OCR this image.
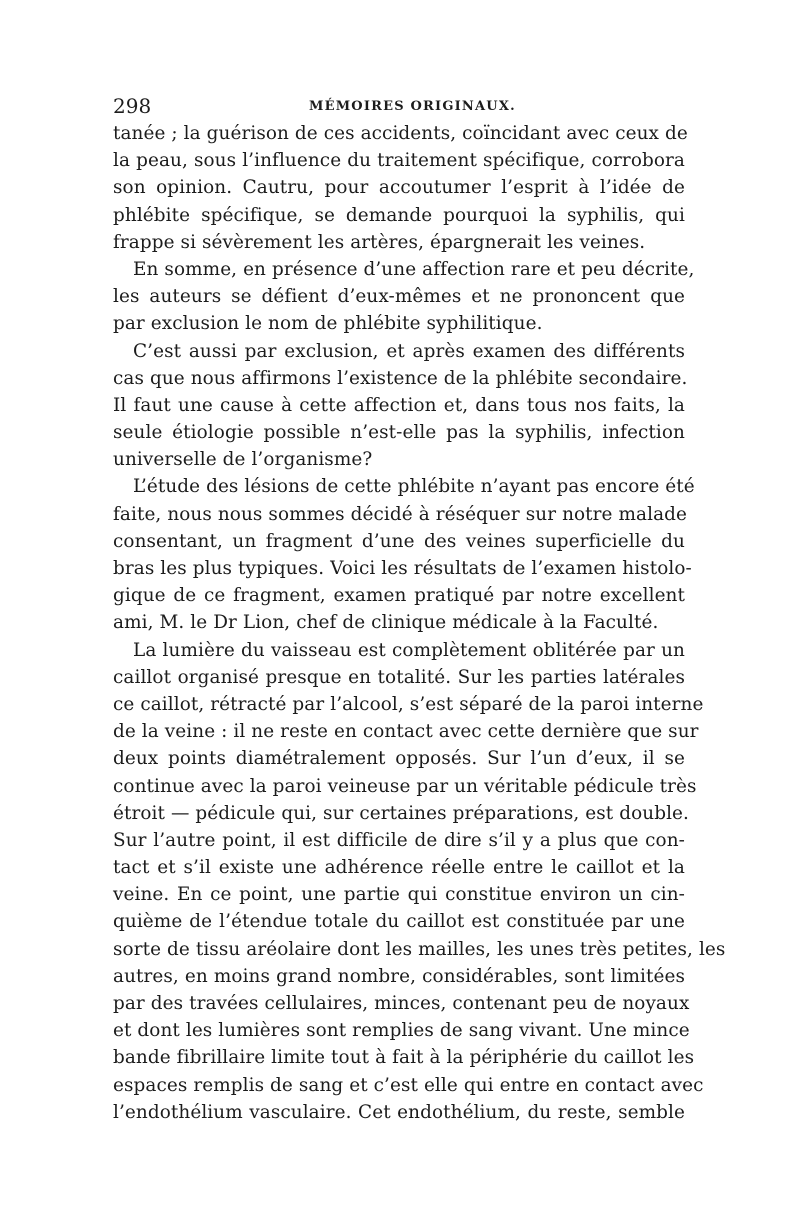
298	MÉMOIRES ORIGINAUX.
tanée ; la guérison de ces accidents, coïncidant avec ceux de
la peau, sous l’influence du traitement spécifique, corrobora
son opinion. Cautru, pour accoutumer l’esprit à l’idée de
phlébite spécifique, se demande pourquoi la syphilis, qui
frappe si sévèrement les artères, épargnerait les veines.
En somme, en présence d’une affection rare et peu décrite,
les auteurs se défient d’eux-mêmes et ne prononcent que
par exclusion le nom de phlébite syphilitique.
C’est aussi par exclusion, et après examen des différents
cas que nous affirmons l’existence de la phlébite secondaire.
Il faut une cause à cette affection et, dans tous nos faits, la
seule étiologie possible n’est-elle pas la syphilis, infection
universelle de l’organisme?
L’étude des lésions de cette phlébite n’ayant pas encore été
faite, nous nous sommes décidé à réséquer sur notre malade
consentant, un fragment d’une des veines superficielle du
bras les plus typiques. Voici les résultats de l’examen histolo-
gique de ce fragment, examen pratiqué par notre excellent
ami, M. le Dr Lion, chef de clinique médicale à la Faculté.
La lumière du vaisseau est complètement oblitérée par un
caillot organisé presque en totalité. Sur les parties latérales
ce caillot, rétracté par l’alcool, s’est séparé de la paroi interne
de la veine : il ne reste en contact avec cette dernière que sur
deux points diamétralement opposés. Sur l’un d’eux, il se
continue avec la paroi veineuse par un véritable pédicule très
étroit — pédicule qui, sur certaines préparations, est double.
Sur l’autre point, il est difficile de dire s’il y a plus que con-
tact et s’il existe une adhérence réelle entre le caillot et la
veine. En ce point, une partie qui constitue environ un cin-
quième de l’étendue totale du caillot est constituée par une
sorte de tissu aréolaire dont les mailles, les unes très petites, les
autres, en moins grand nombre, considérables, sont limitées
par des travées cellulaires, minces, contenant peu de noyaux
et dont les lumières sont remplies de sang vivant. Une mince
bande fibrillaire limite tout à fait à la périphérie du caillot les
espaces remplis de sang et c’est elle qui entre en contact avec
l’endothélium vasculaire. Cet endothélium, du reste, semble
